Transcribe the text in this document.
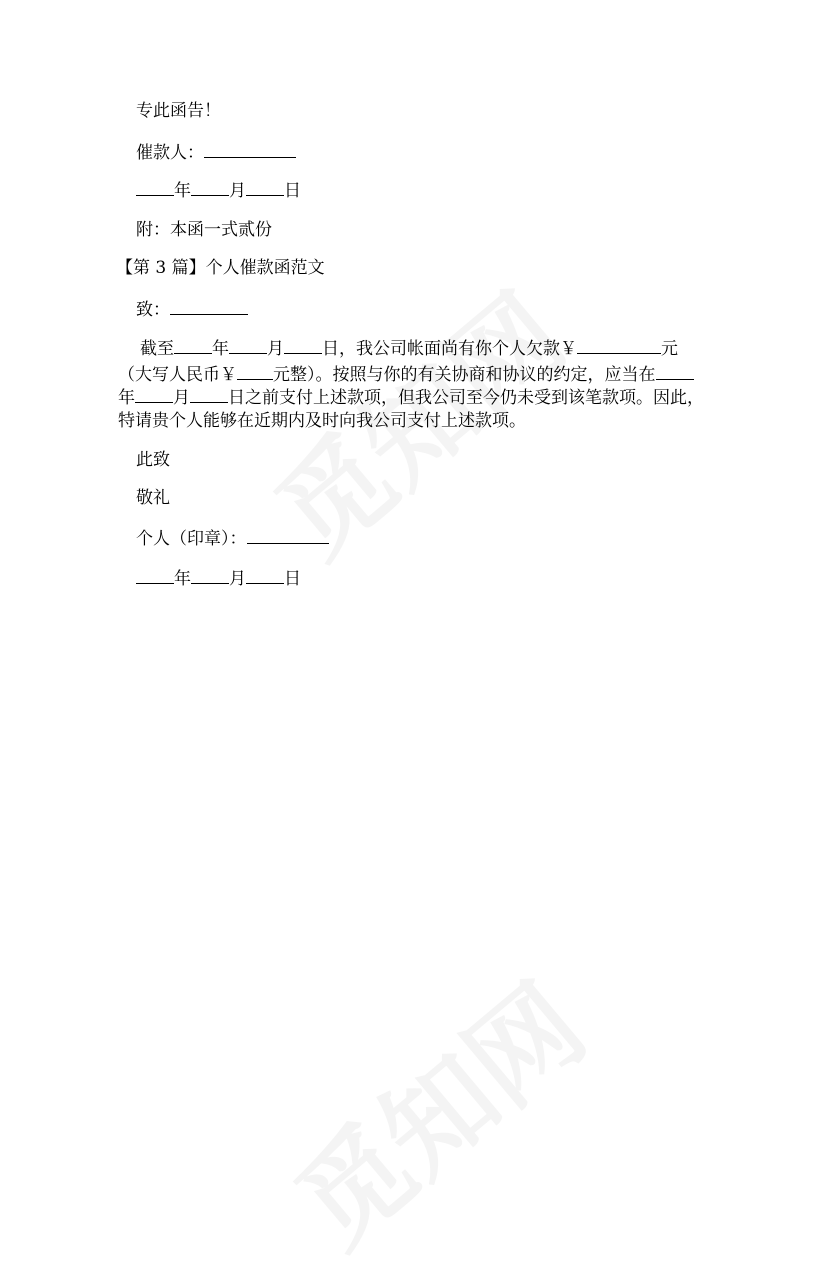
专此函告！
催款人：
年 月 日
附：本函一式贰份
【第 3 篇】个人催款函范文
致：
截至 年 月 日，我公司帐面尚有你个人欠款￥	元
（大写人民币￥ 元整）。按照与你的有关协商和协议的约定，应当在
年 月 日之前支付上述款项，但我公司至今仍未受到该笔款项。因此，
特请贵个人能够在近期内及时向我公司支付上述款项。
此致
敬礼
个人（印章）：
年 月 日
